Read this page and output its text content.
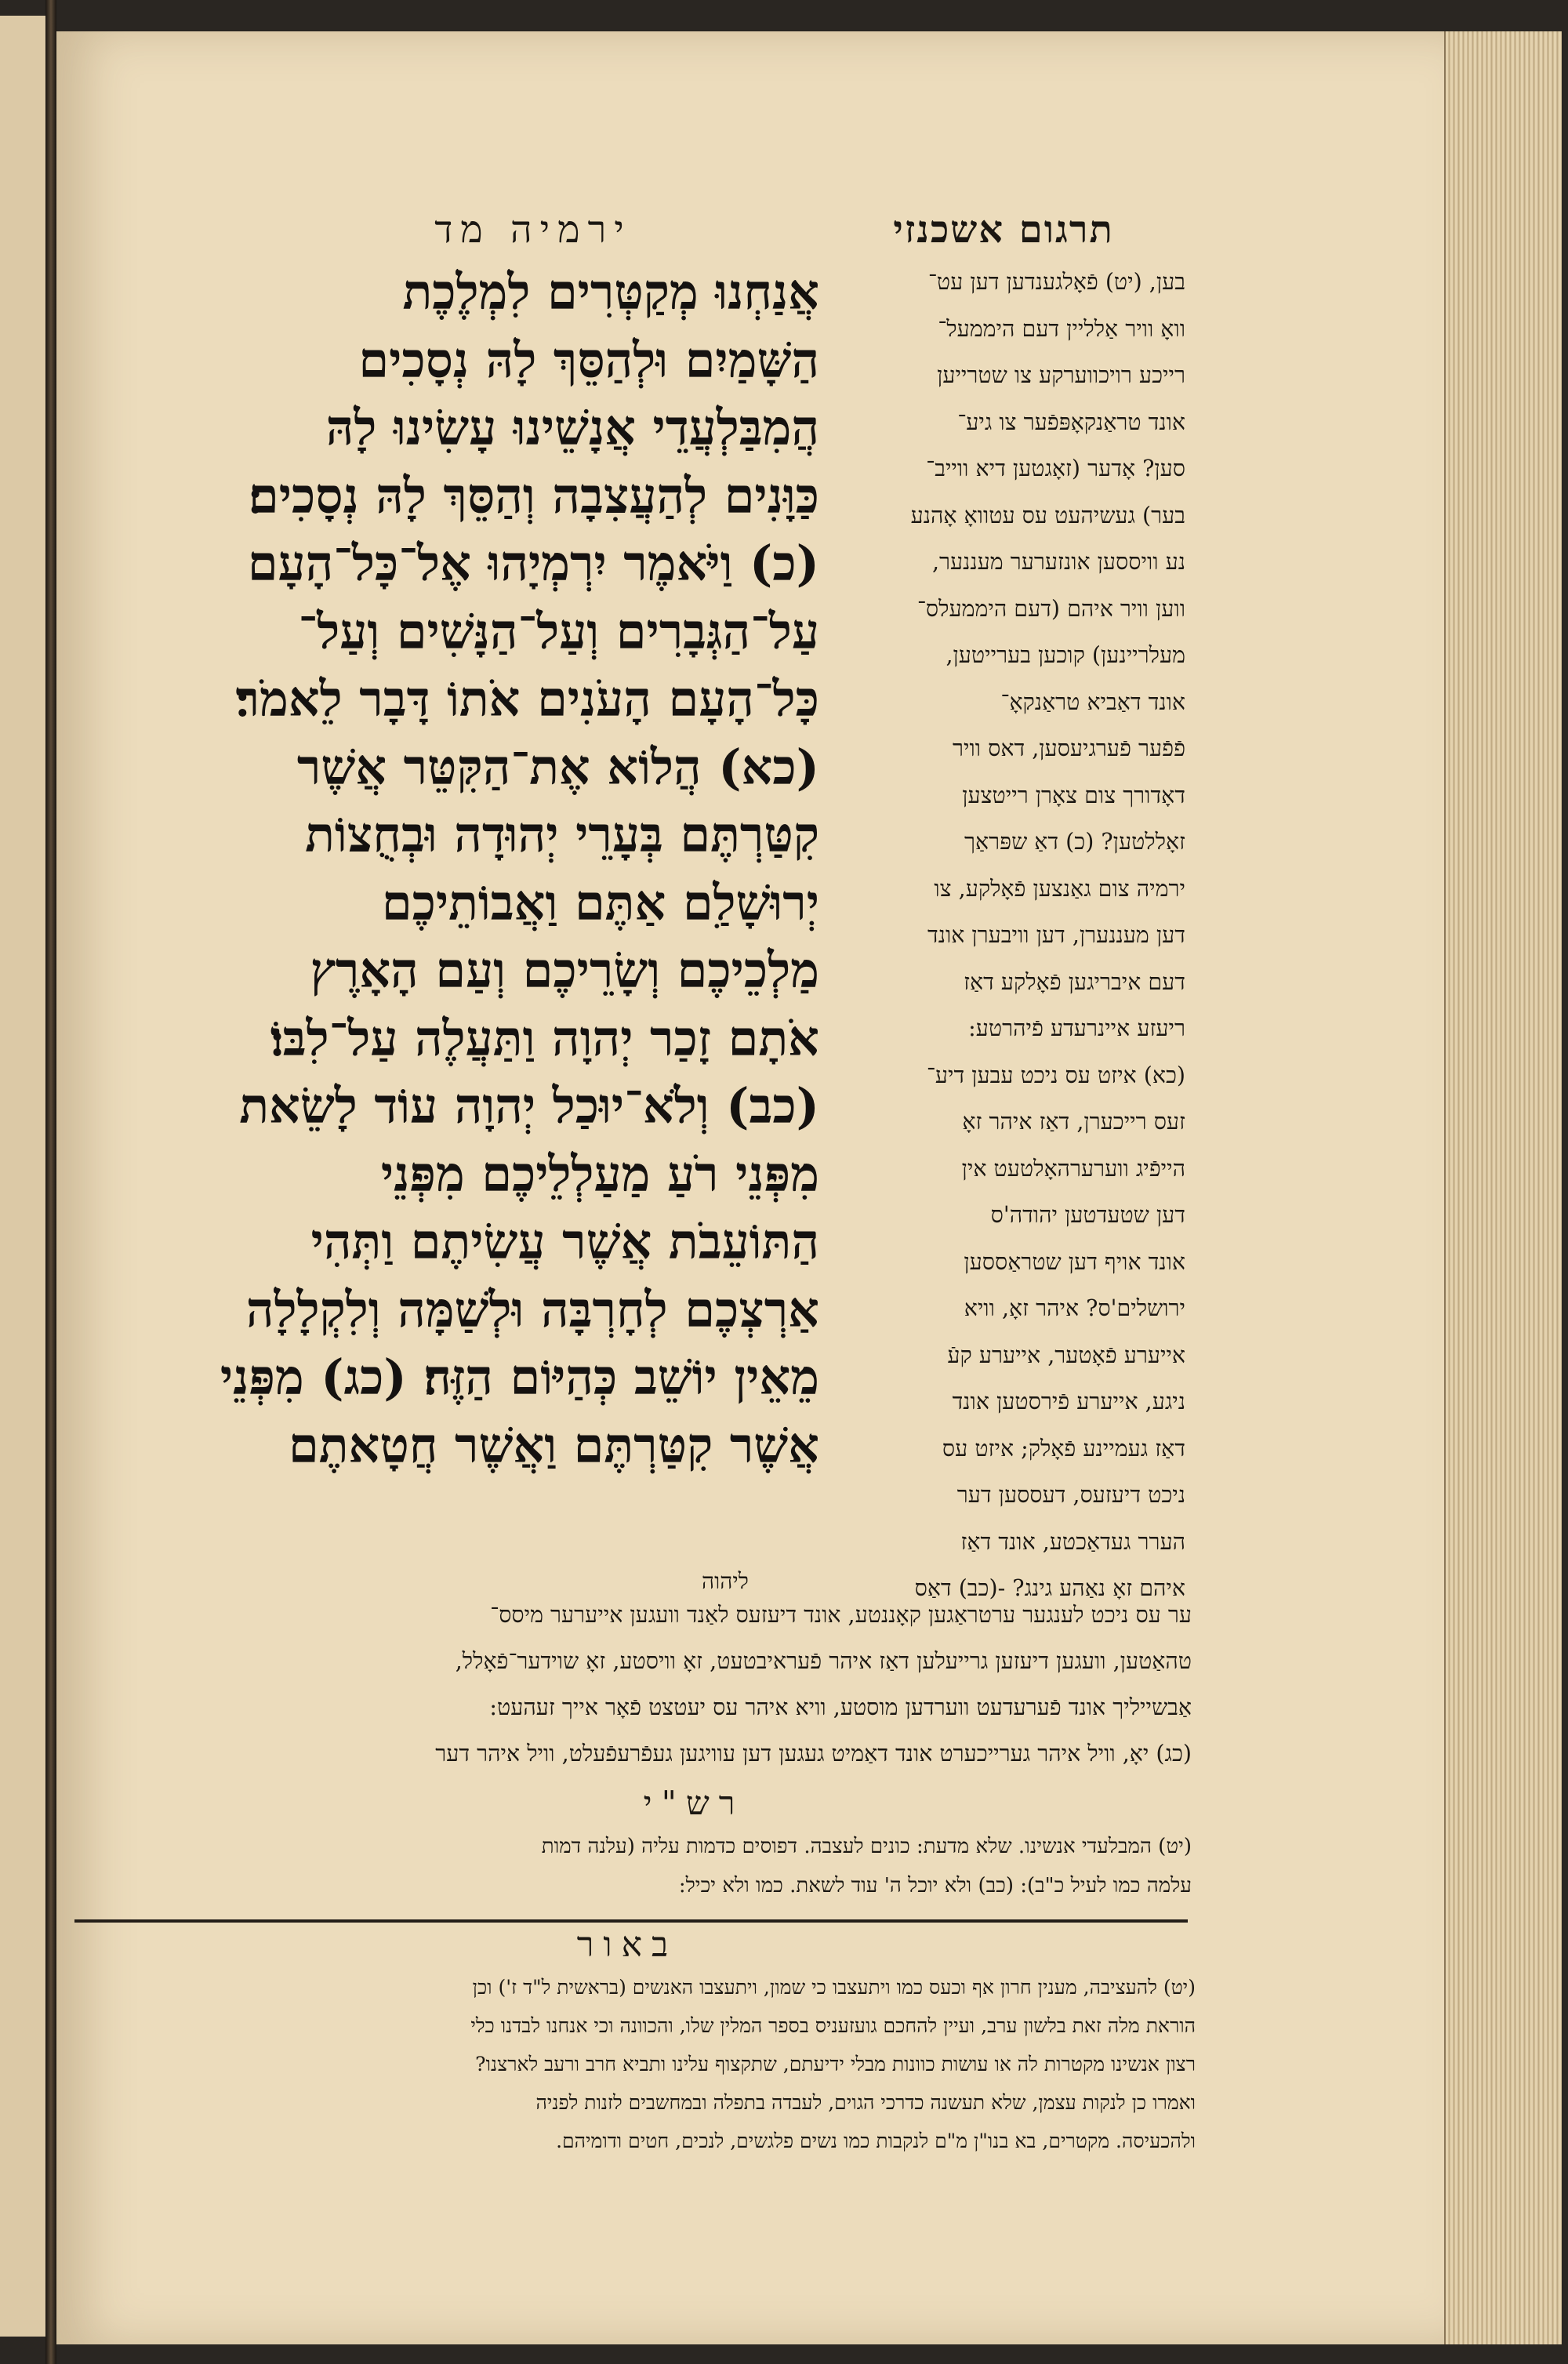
ירמיה מד	תרגום אשכנזי
אֲנַחְנוּ מְקַטְּרִים לִמְלֶכֶת
הַשָּׁמַיִם וּלְהַסֵּךְ לָהּ נְסָכִים
הֲמִבַּלְעֲדֵי אֲנָשֵׁינוּ עָשִׂינוּ לָהּ
כַּוָּנִים לְהַעֲצִבָה וְהַסֵּךְ לָהּ נְסָכִים׃
(כ) וַיֹּאמֶר יִרְמְיָהוּ אֶל־כָּל־הָעָם
עַל־הַגְּבָרִים וְעַל־הַנָּשִׁים וְעַל־
כָּל־הָעָם הָעֹנִים אֹתוֹ דָּבָר לֵאמֹר׃
(כא) הֲלוֹא אֶת־הַקִּטֵּר אֲשֶׁר
קִטַּרְתֶּם בְּעָרֵי יְהוּדָה וּבְחֻצוֹת
יְרוּשָׁלִַם אַתֶּם וַאֲבוֹתֵיכֶם
מַלְכֵיכֶם וְשָׂרֵיכֶם וְעַם הָאָרֶץ
אֹתָם זָכַר יְהוָה וַתַּעֲלֶה עַל־לִבּוֹ׃
(כב) וְלֹא־יוּכַל יְהוָה עוֹד לָשֵׂאת
מִפְּנֵי רֹעַ מַעַלְלֵיכֶם מִפְּנֵי
הַתּוֹעֵבֹת אֲשֶׁר עֲשִׂיתֶם וַתְּהִי
אַרְצְכֶם לְחָרְבָּה וּלְשַׁמָּה וְלִקְלָלָה
מֵאֵין יוֹשֵׁב כְּהַיּוֹם הַזֶּה׃ (כג) מִפְּנֵי
אֲשֶׁר קִטַּרְתֶּם וַאֲשֶׁר חֲטָאתֶם
ליהוה
בען, (יט) פֿאָלגענדען דען עט־
וואָ וויר אַלליין דעם היממעל־
רייכע רויכווערקע צו שטרייען
אונד טראַנקאָפּפֿער צו גיע־
סען? אָדער (זאָגטען דיא ווייב־
בער) געשיהעט עס עטוואָ אָהנע
נע וויססען אונזערער מעננער,
ווען וויר איהם (דעם היממעלס־
מעלריינען) קוכען בערייטען,
אונד דאַביא טראַנקאָ־
פֿפֿער פֿערגיעסען, דאס וויר
דאָדורך צום צאָרן רייטצען
זאָללטען? (כ) דאַ שפּראַך
ירמיה צום גאַנצען פֿאָלקע, צו
דען מעננערן, דען וויבערן אונד
דעם איבריגען פֿאָלקע דאַז
ריעזע איינרעדע פֿיהרטע:
(כא) איזט עס ניכט עבען דיע־
זעס רייכערן, דאַז איהר זאָ
הייפֿיג ווערערהאָלטעט אין
דען שטעדטען יהודה'ס
אונד אויף דען שטראַססען
ירושלים'ס? איהר זאָ, וויא
אייערע פֿאָטער, אייערע קעֿ
ניגע, אייערע פֿירסטען אונד
דאַז געמיינע פֿאָלק; איזט עס
ניכט דיעזעס, דעססען דער
הערר געדאַכטע, אונד דאַז
איהם זאָ נאַהע גינג? -(כב) דאַס
ער עס ניכט לענגער ערטראַגען קאָננטע, אונד דיעזעס לאַנד וועגען אייערער מיסס־
טהאַטען, וועגען דיעזען גרייעלען דאַז איהר פֿעראיבטעט, זאָ וויסטע, זאָ שוידער־פֿאָלל,
אַבשייליך אונד פֿערעדעט ווערדען מוסטע, וויא איהר עס יעטצט פֿאָר אייך זעהעט:
(כג) יאָ, וויל איהר גערייכערט אונד דאַמיט געגען דען עוויגען געפֿרעפֿעלט, וויל איהר דער
רש"י
(יט) המבלעדי אנשינו. שלא מדעת: כונים לעצבה. דפוסים כדמות עליה (עלנה דמות
עלמה כמו לעיל כ"ב): (כב) ולא יוכל ה' עוד לשאת. כמו ולא יכיל:
באור
(יט) להעציבה, מענין חרון אף וכעס כמו ויתעצבו כי שמון, ויתעצבו האנשים (בראשית ל"ד ז') וכן
הוראת מלה זאת בלשון ערב, ועיין להחכם גועזעניס בספר המלין שלו, והכוונה וכי אנחנו לבדנו כלי
רצון אנשינו מקטרות לה או עושות כוונות מבלי ידיעתם, שתקצוף עלינו ותביא חרב ורעב לארצנו?
ואמרו כן לנקות עצמן, שלא תעשנה כדרכי הגוים, לעבדה בתפלה ובמחשבים לזנות לפניה
ולהכעיסה. מקטרים, בא בנו"ן מ"ם לנקבות כמו נשים פלגשים, לנכים, חטים ודומיהם.
